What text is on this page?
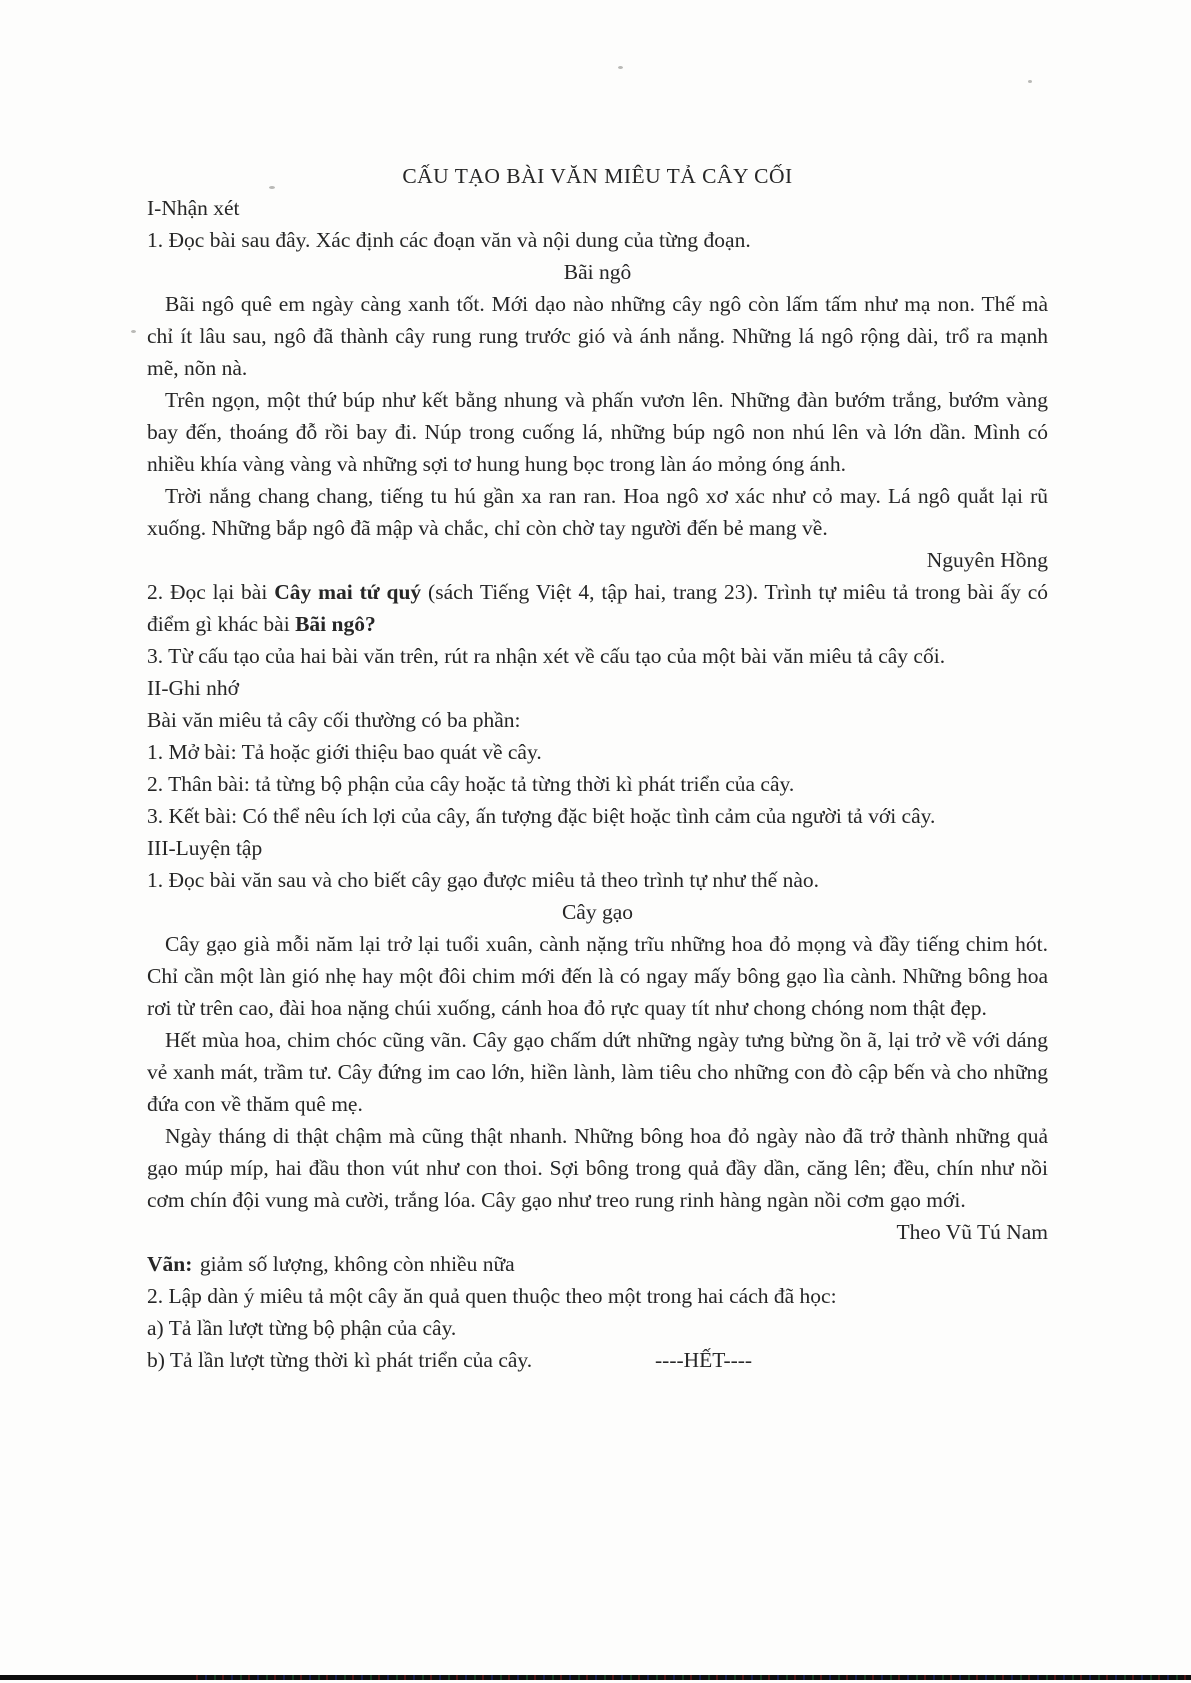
CẤU TẠO BÀI VĂN MIÊU TẢ CÂY CỐI
I-Nhận xét

1. Đọc bài sau đây. Xác định các đoạn văn và nội dung của từng đoạn.

Bãi ngô

Bãi ngô quê em ngày càng xanh tốt. Mới dạo nào những cây ngô còn lấm tấm như mạ non. Thế mà chỉ ít lâu sau, ngô đã thành cây rung rung trước gió và ánh nắng. Những lá ngô rộng dài, trổ ra mạnh mẽ, nõn nà.

Trên ngọn, một thứ búp như kết bằng nhung và phấn vươn lên. Những đàn bướm trắng, bướm vàng bay đến, thoáng đỗ rồi bay đi. Núp trong cuống lá, những búp ngô non nhú lên và lớn dần. Mình có nhiều khía vàng vàng và những sợi tơ hung hung bọc trong làn áo mỏng óng ánh.

Trời nắng chang chang, tiếng tu hú gần xa ran ran. Hoa ngô xơ xác như cỏ may. Lá ngô quắt lại rũ xuống. Những bắp ngô đã mập và chắc, chỉ còn chờ tay người đến bẻ mang về.

Nguyên Hồng

2. Đọc lại bài Cây mai tứ quý (sách Tiếng Việt 4, tập hai, trang 23). Trình tự miêu tả trong bài ấy có điểm gì khác bài Bãi ngô?

3. Từ cấu tạo của hai bài văn trên, rút ra nhận xét về cấu tạo của một bài văn miêu tả cây cối.

II-Ghi nhớ

Bài văn miêu tả cây cối thường có ba phần:

1. Mở bài: Tả hoặc giới thiệu bao quát về cây.

2. Thân bài: tả từng bộ phận của cây hoặc tả từng thời kì phát triển của cây.

3. Kết bài: Có thể nêu ích lợi của cây, ấn tượng đặc biệt hoặc tình cảm của người tả với cây.

III-Luyện tập

1. Đọc bài văn sau và cho biết cây gạo được miêu tả theo trình tự như thế nào.

Cây gạo

Cây gạo già mỗi năm lại trở lại tuổi xuân, cành nặng trĩu những hoa đỏ mọng và đầy tiếng chim hót. Chỉ cần một làn gió nhẹ hay một đôi chim mới đến là có ngay mấy bông gạo lìa cành. Những bông hoa rơi từ trên cao, đài hoa nặng chúi xuống, cánh hoa đỏ rực quay tít như chong chóng nom thật đẹp.

Hết mùa hoa, chim chóc cũng vãn. Cây gạo chấm dứt những ngày tưng bừng ồn ã, lại trở về với dáng vẻ xanh mát, trầm tư. Cây đứng im cao lớn, hiền lành, làm tiêu cho những con đò cập bến và cho những đứa con về thăm quê mẹ.

Ngày tháng di thật chậm mà cũng thật nhanh. Những bông hoa đỏ ngày nào đã trở thành những quả gạo múp míp, hai đầu thon vút như con thoi. Sợi bông trong quả đầy dần, căng lên; đều, chín như nồi cơm chín đội vung mà cười, trắng lóa. Cây gạo như treo rung rinh hàng ngàn nồi cơm gạo mới.

Theo Vũ Tú Nam

Vãn: giảm số lượng, không còn nhiều nữa

2. Lập dàn ý miêu tả một cây ăn quả quen thuộc theo một trong hai cách đã học:

a) Tả lần lượt từng bộ phận của cây.

b) Tả lần lượt từng thời kì phát triển của cây.	----HẾT----
